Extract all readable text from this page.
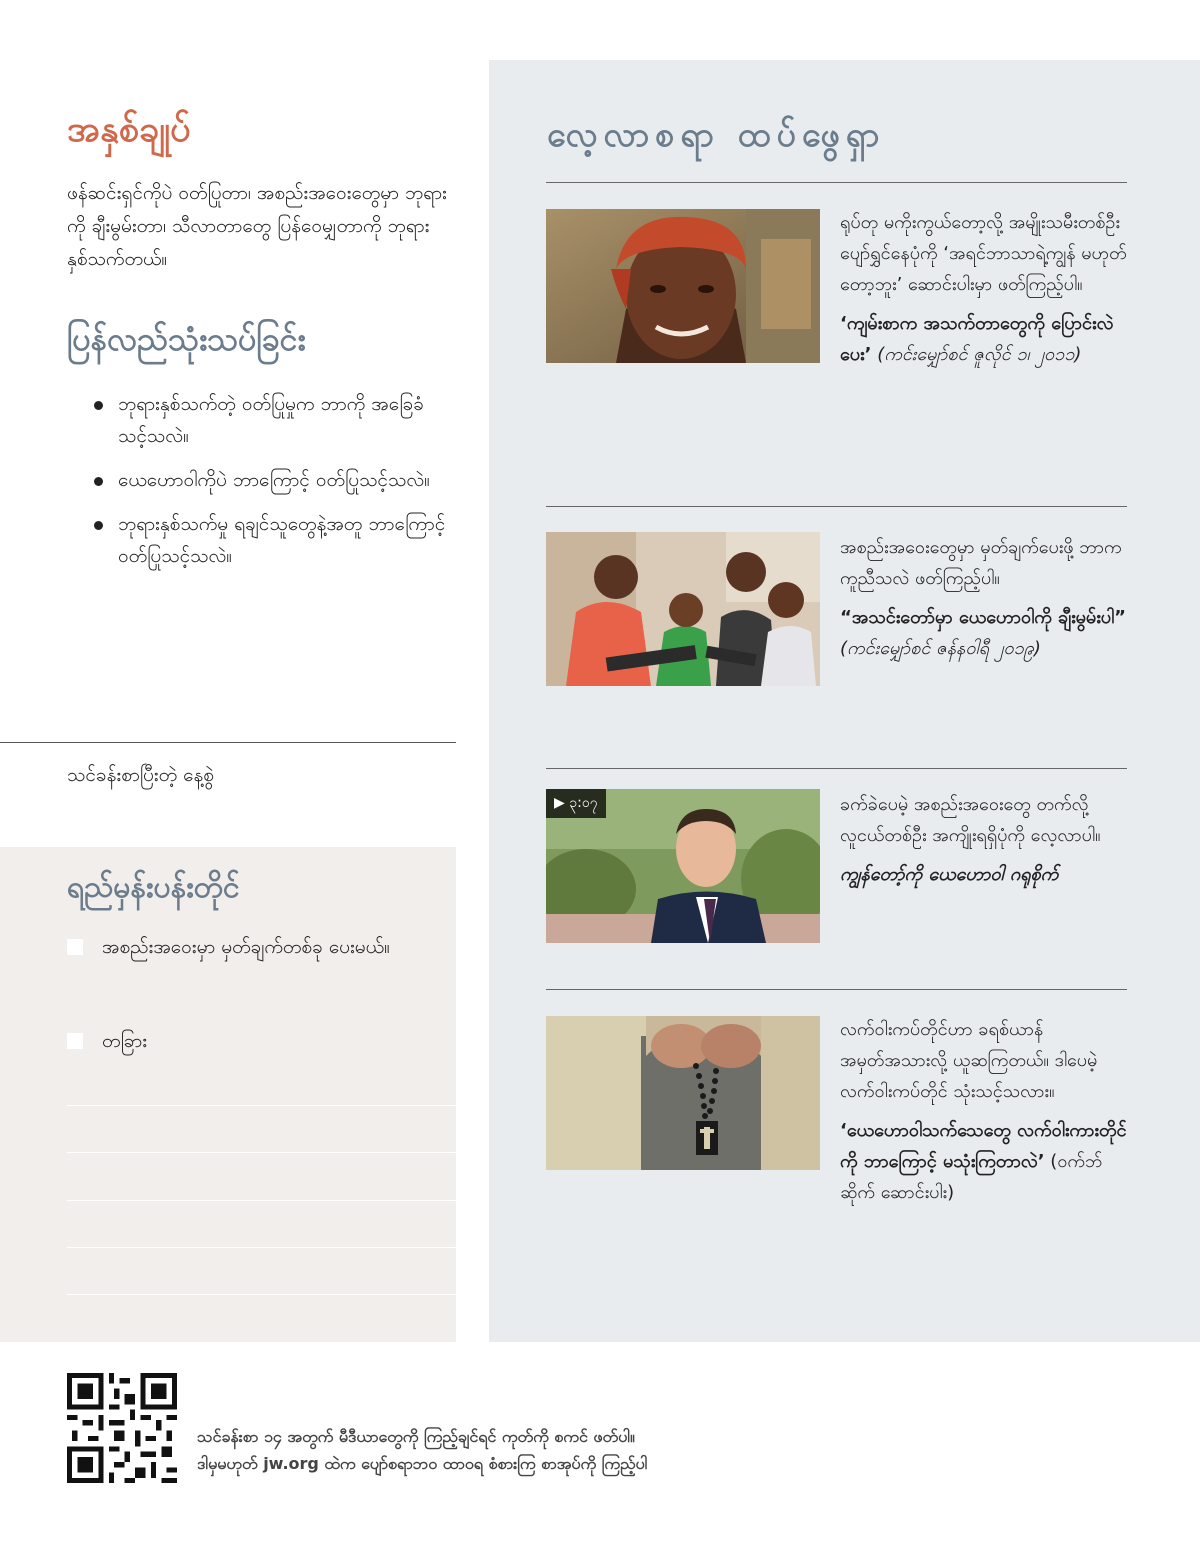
အနှစ်ချုပ်

ဖန်ဆင်းရှင်ကိုပဲ ဝတ်ပြုတာ၊ အစည်းအဝေးတွေမှာ ဘုရားကို ချီးမွမ်းတာ၊ သီလာတာတွေ ပြန်ဝေမျှတာကို ဘုရား နှစ်သက်တယ်။

ပြန်လည်သုံးသပ်ခြင်း
ဘုရားနှစ်သက်တဲ့ ဝတ်ပြုမှုက ဘာကို အခြေခံသင့်သလဲ။
ယေဟောဝါကိုပဲ ဘာကြောင့် ဝတ်ပြုသင့်သလဲ။
ဘုရားနှစ်သက်မှု ရချင်သူတွေနဲ့အတူ ဘာကြောင့် ဝတ်ပြုသင့်သလဲ။
သင်ခန်းစာပြီးတဲ့ နေ့စွဲ
ရည်မှန်းပန်းတိုင်
အစည်းအဝေးမှာ မှတ်ချက်တစ်ခု ပေးမယ်။
တခြား
လေ့လာစရာ ထပ်ဖွေရှာ
ရုပ်တု မကိုးကွယ်တော့လို့ အမျိုးသမီးတစ်ဦး ပျော်ရွှင်နေပုံကို ‘အရင်ဘာသာရဲ့ကျွန် မဟုတ်တော့ဘူး’ ဆောင်းပါးမှာ ဖတ်ကြည့်ပါ။
‘ကျမ်းစာက အသက်တာတွေကို ပြောင်းလဲပေး’ (ကင်းမျှော်စင် ဇူလိုင် ၁၊ ၂၀၁၁)
အစည်းအဝေးတွေမှာ မှတ်ချက်ပေးဖို့ ဘာက ကူညီသလဲ ဖတ်ကြည့်ပါ။
“အသင်းတော်မှာ ယေဟောဝါကို ချီးမွမ်းပါ” (ကင်းမျှော်စင် ဇန်နဝါရီ ၂၀၁၉)
▶ ၃:၀၇	ခက်ခဲပေမဲ့ အစည်းအဝေးတွေ တက်လို့ လူငယ်တစ်ဦး အကျိုးရရှိပုံကို လေ့လာပါ။
ကျွန်တော့်ကို ယေဟောဝါ ဂရုစိုက်
လက်ဝါးကပ်တိုင်ဟာ ခရစ်ယာန် အမှတ်အသားလို့ ယူဆကြတယ်။ ဒါပေမဲ့ လက်ဝါးကပ်တိုင် သုံးသင့်သလား။
‘ယေဟောဝါသက်သေတွေ လက်ဝါးကားတိုင်ကို ဘာကြောင့် မသုံးကြတာလဲ’ (ဝက်ဘ်ဆိုက် ဆောင်းပါး)
သင်ခန်းစာ ၁၄ အတွက် မီဒီယာတွေကို ကြည့်ချင်ရင် ကုတ်ကို စကင် ဖတ်ပါ။
ဒါမှမဟုတ် jw.org ထဲက ပျော်စရာဘဝ ထာဝရ စံစားကြ စာအုပ်ကို ကြည့်ပါ
